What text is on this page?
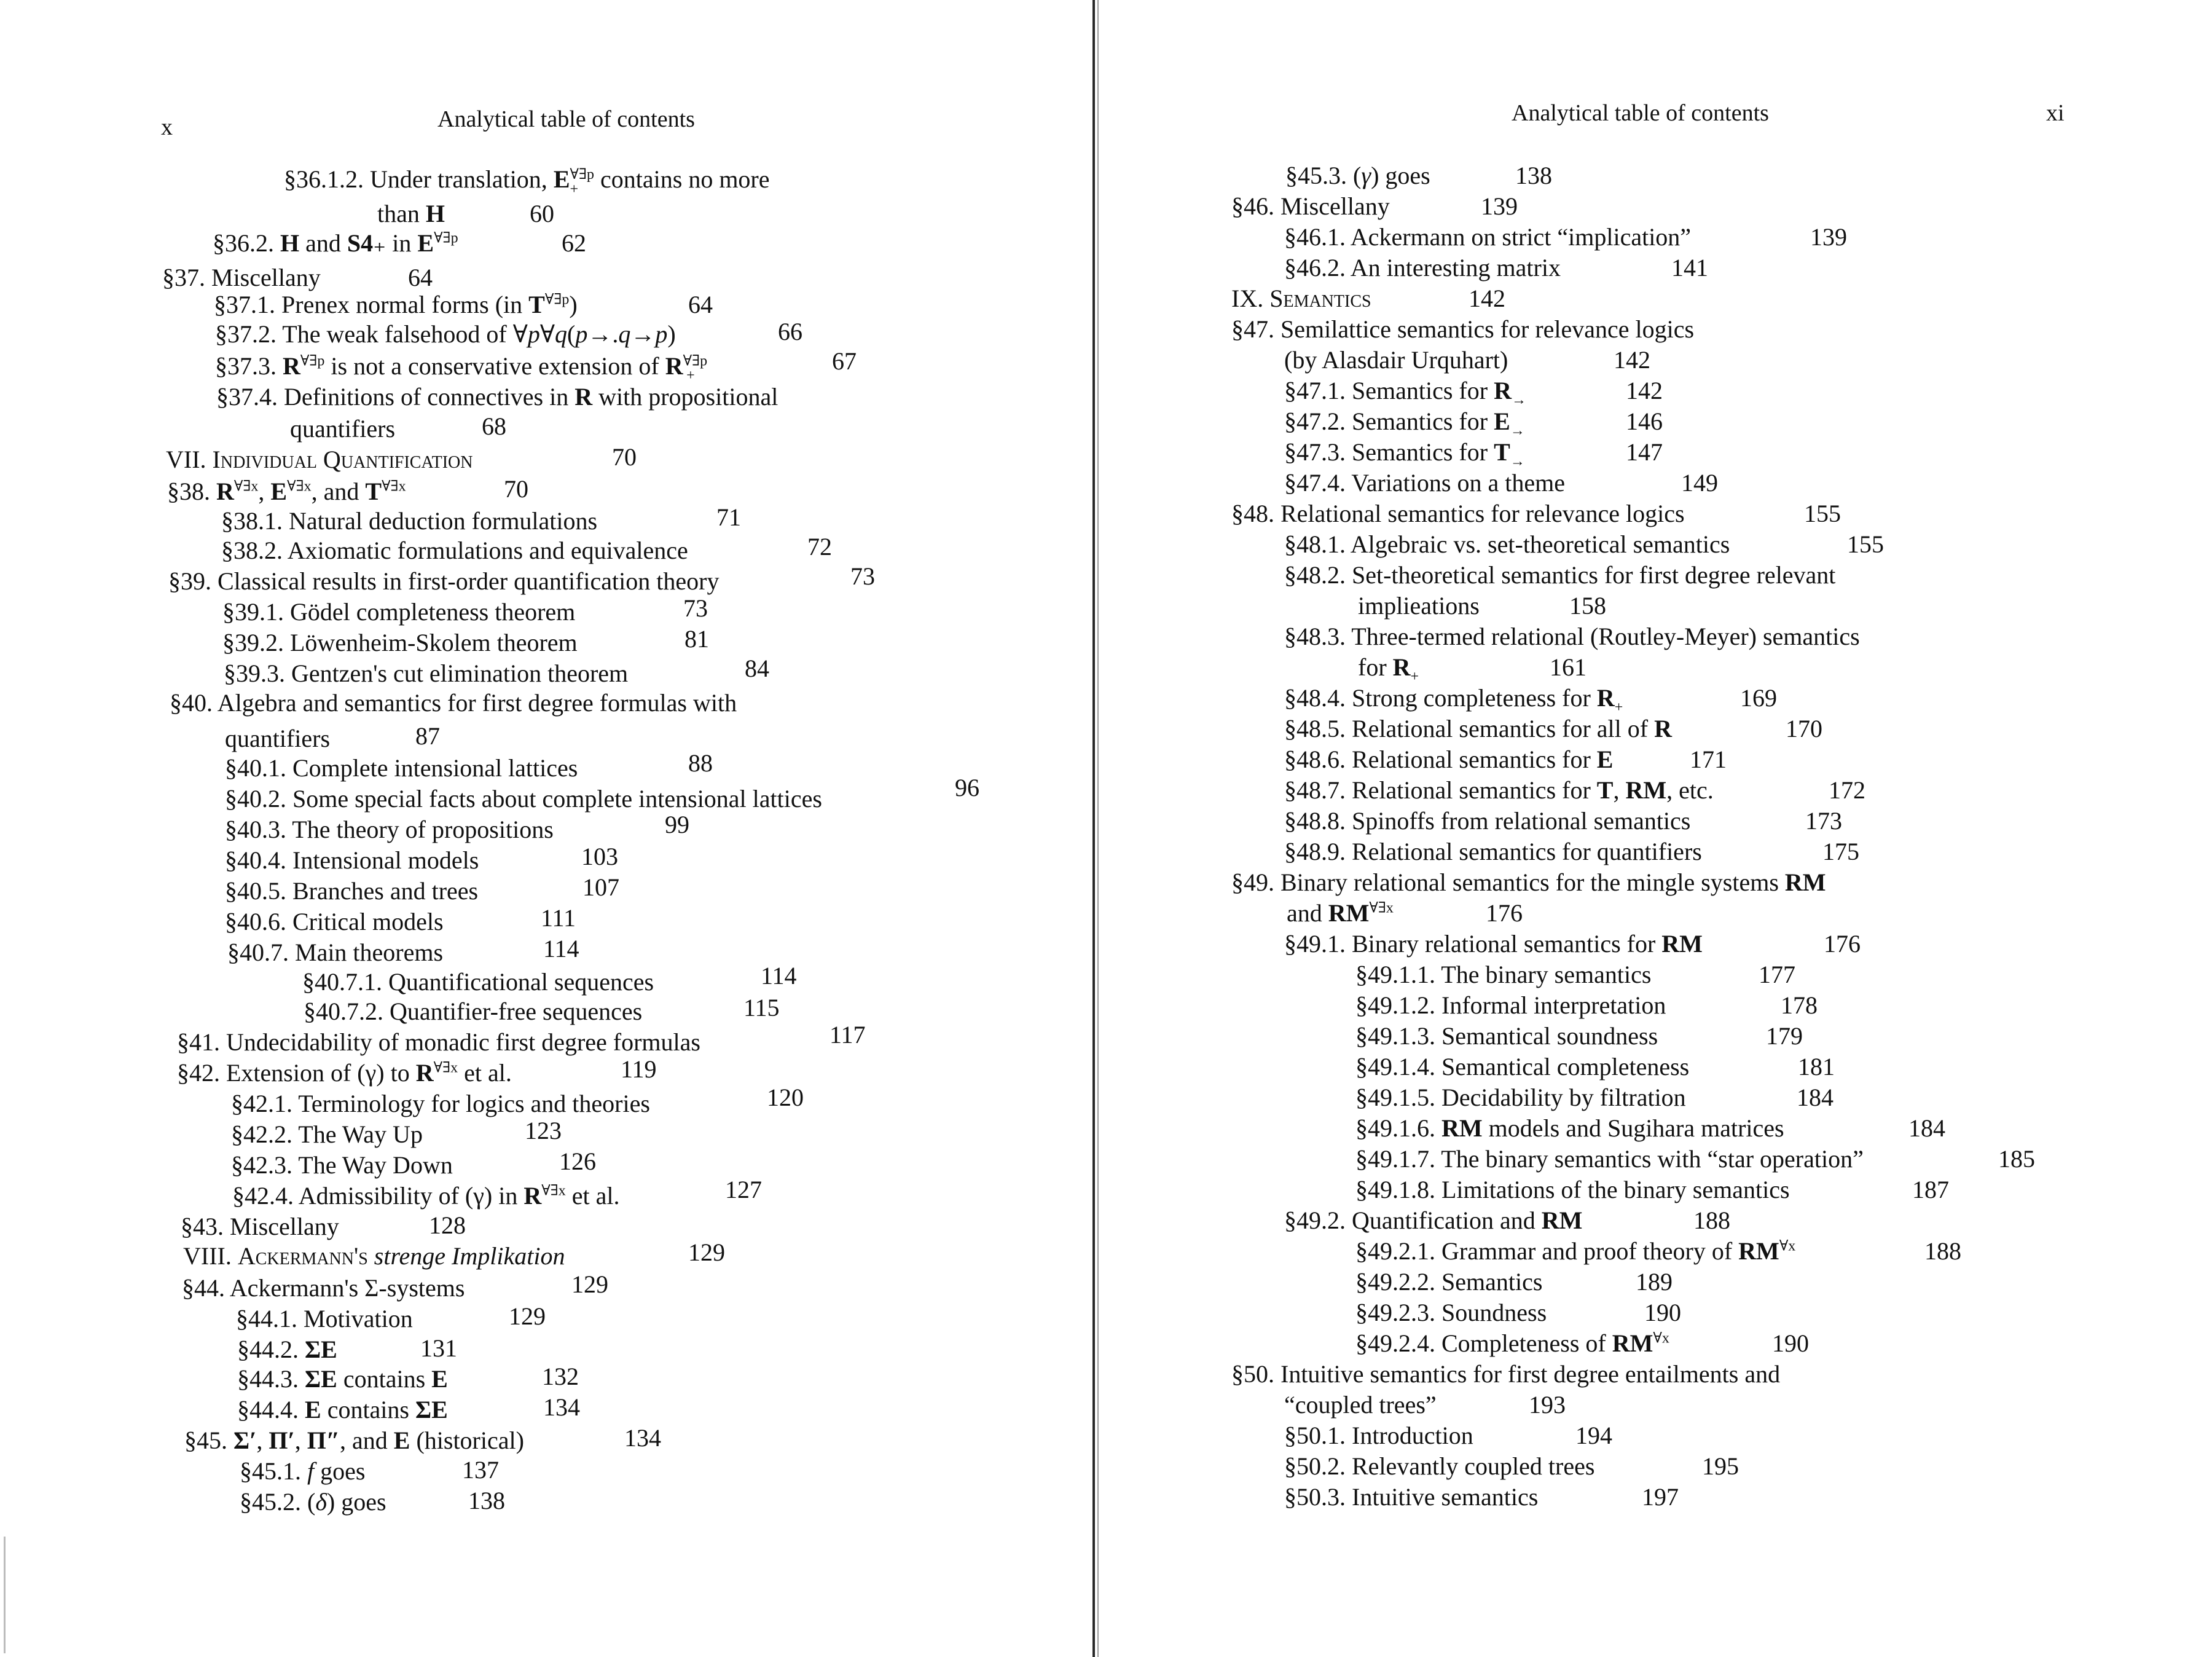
x	Analytical table of contents	Analytical table of contents	xi
§36.1.2. Under translation, E ∀∃p
+ contains no more
than H	60
§36.2. H and S4₊ in $E^{\forall\exists p}$	62
§37. Miscellany	64
§37.1. Prenex normal forms (in $T^{\forall\exists p}$)	64
§37.2. The weak falsehood of ∀p∀q(p→.q→p)	66
§37.3. $R^{\forall\exists p}$ is not a conservative extension of $R^{\forall\exists p}_+$
67
§37.4. Definitions of connectives in R with propositional
quantifiers	68
VII. Individual Quantification	70
§38. $R^{\forall\exists x}$, $E^{\forall\exists x}$, and $T^{\forall\exists x}$	70
§38.1. Natural deduction formulations	71
§38.2. Axiomatic formulations and equivalence	72
§39. Classical results in first-order quantification theory	73
§39.1. Gödel completeness theorem	73
§39.2. Löwenheim-Skolem theorem	81
§39.3. Gentzen's cut elimination theorem	84
§40. Algebra and semantics for first degree formulas with
quantifiers	87
§40.1. Complete intensional lattices	88
§40.2. Some special facts about complete intensional lattices	96
§40.3. The theory of propositions	99
§40.4. Intensional models	103
§40.5. Branches and trees	107
§40.6. Critical models	111
§40.7. Main theorems	114
§40.7.1. Quantificational sequences	114
§40.7.2. Quantifier-free sequences	115
§41. Undecidability of monadic first degree formulas	117
§42. Extension of (γ) to $R^{\forall\exists x}$ et al.	119
§42.1. Terminology for logics and theories	120
§42.2. The Way Up	123
§42.3. The Way Down	126
§42.4. Admissibility of (γ) in $R^{\forall\exists x}$ et al.	127
§43. Miscellany	128
VIII. Ackermann's strenge Implikation	129
§44. Ackermann's Σ-systems	129
§44.1. Motivation	129
§44.2. ΣE	131
§44.3. ΣE contains E	132
§44.4. E contains ΣE	134
§45. Σ′, Π′, Π″, and E (historical)	134
§45.1. f goes	137
§45.2. (δ) goes	138
§45.3. (γ) goes	138
§46. Miscellany	139
§46.1. Ackermann on strict “implication”	139
§46.2. An interesting matrix	141
IX. Semantics	142
§47. Semilattice semantics for relevance logics
(by Alasdair Urquhart)	142
§47.1. Semantics for $R_\to$	142
§47.2. Semantics for $E_\to$	146
§47.3. Semantics for $T_\to$	147
§47.4. Variations on a theme	149
§48. Relational semantics for relevance logics	155
§48.1. Algebraic vs. set-theoretical semantics	155
§48.2. Set-theoretical semantics for first degree relevant
implieations	158
§48.3. Three-termed relational (Routley-Meyer) semantics
for $R_+$	161
§48.4. Strong completeness for $R_+$	169
§48.5. Relational semantics for all of R	170
§48.6. Relational semantics for E	171
§48.7. Relational semantics for T, RM, etc.	172
§48.8. Spinoffs from relational semantics	173
§48.9. Relational semantics for quantifiers	175
§49. Binary relational semantics for the mingle systems RM
and $RM^{\forall\exists x}$	176
§49.1. Binary relational semantics for RM	176
§49.1.1. The binary semantics	177
§49.1.2. Informal interpretation	178
§49.1.3. Semantical soundness	179
§49.1.4. Semantical completeness	181
§49.1.5. Decidability by filtration	184
§49.1.6. RM models and Sugihara matrices	184
§49.1.7. The binary semantics with “star operation”	185
§49.1.8. Limitations of the binary semantics	187
§49.2. Quantification and RM	188
§49.2.1. Grammar and proof theory of $RM^{\forall x}$	188
§49.2.2. Semantics	189
§49.2.3. Soundness	190
§49.2.4. Completeness of $RM^{\forall x}$	190
§50. Intuitive semantics for first degree entailments and
“coupled trees”	193
§50.1. Introduction	194
§50.2. Relevantly coupled trees	195
§50.3. Intuitive semantics	197
